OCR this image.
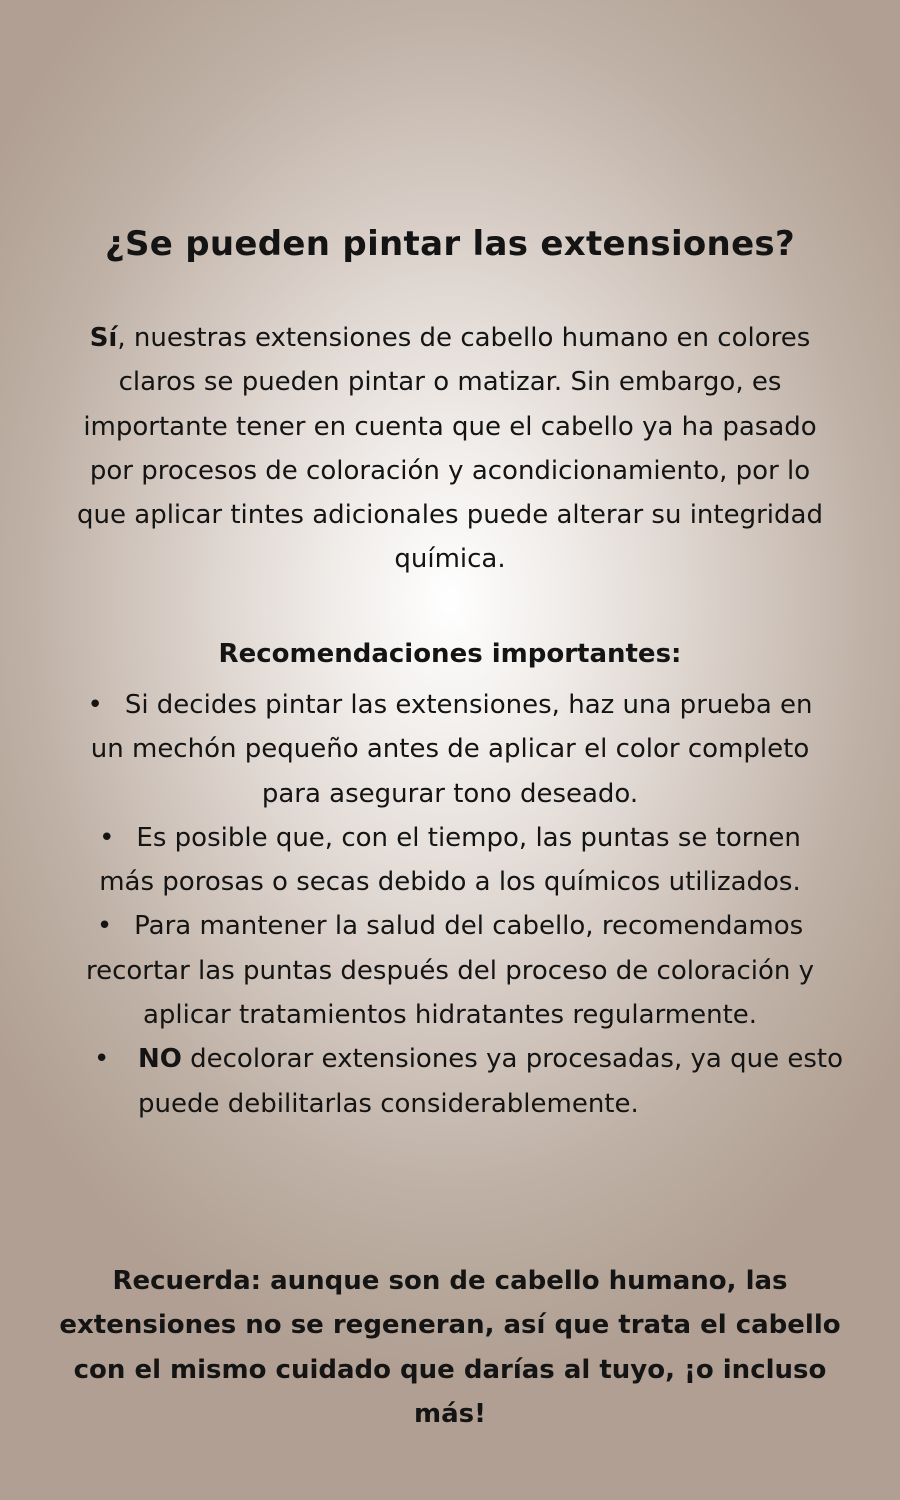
¿Se pueden pintar las extensiones?

Sí, nuestras extensiones de cabello humano en colores claros se pueden pintar o matizar. Sin embargo, es importante tener en cuenta que el cabello ya ha pasado por procesos de coloración y acondicionamiento, por lo que aplicar tintes adicionales puede alterar su integridad química.

Recomendaciones importantes:
• Si decides pintar las extensiones, haz una prueba en un mechón pequeño antes de aplicar el color completo para asegurar tono deseado.
• Es posible que, con el tiempo, las puntas se tornen más porosas o secas debido a los químicos utilizados.
• Para mantener la salud del cabello, recomendamos recortar las puntas después del proceso de coloración y aplicar tratamientos hidratantes regularmente.
• NO decolorar extensiones ya procesadas, ya que esto puede debilitarlas considerablemente.

Recuerda: aunque son de cabello humano, las extensiones no se regeneran, así que trata el cabello con el mismo cuidado que darías al tuyo, ¡o incluso más!
